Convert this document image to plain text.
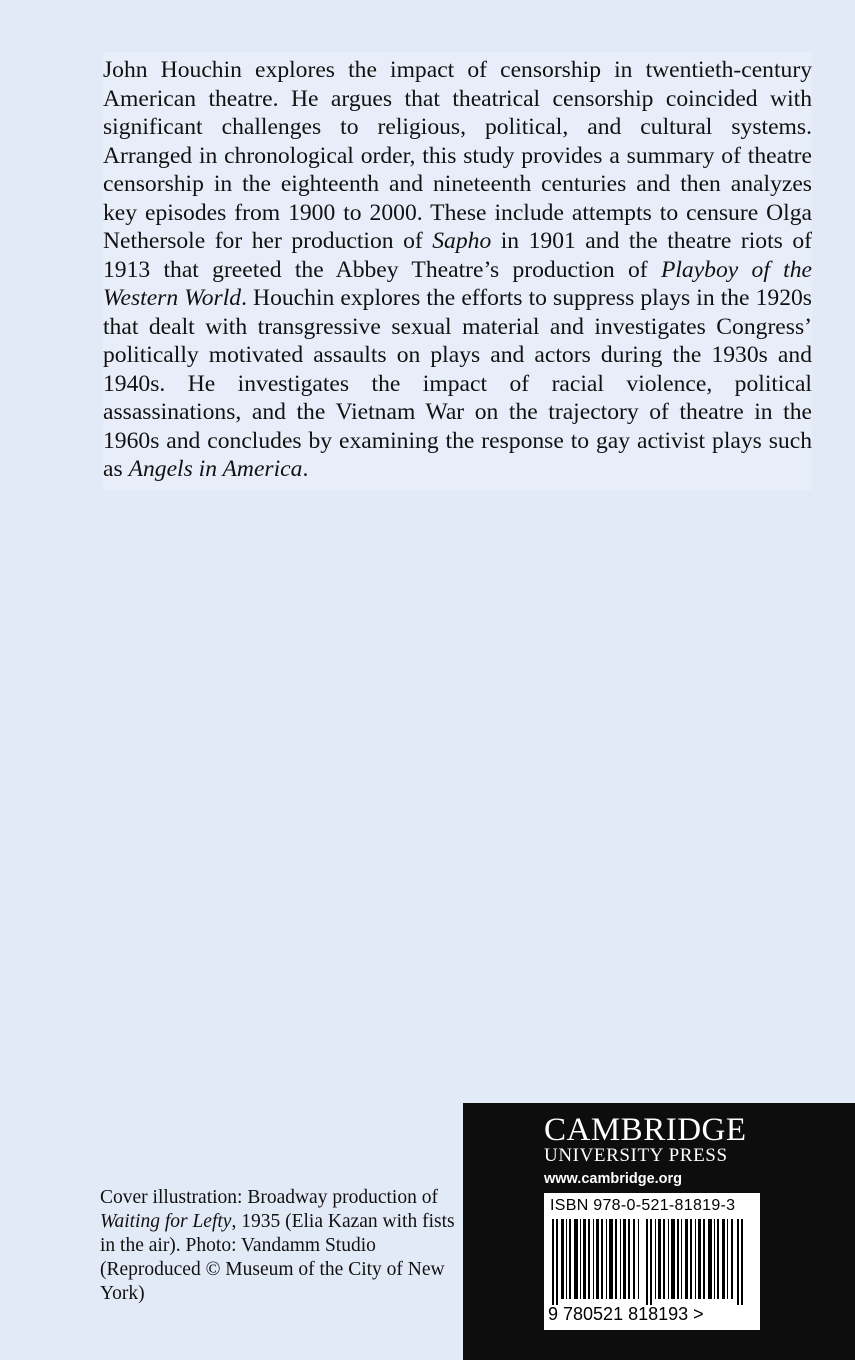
John Houchin explores the impact of censorship in twentieth-century American theatre. He argues that theatrical censorship coincided with significant challenges to religious, political, and cultural systems. Arranged in chronological order, this study provides a summary of theatre censorship in the eighteenth and nineteenth centuries and then analyzes key episodes from 1900 to 2000. These include attempts to censure Olga Nethersole for her production of Sapho in 1901 and the theatre riots of 1913 that greeted the Abbey Theatre’s production of Playboy of the Western World. Houchin explores the efforts to suppress plays in the 1920s that dealt with transgressive sexual material and investigates Congress’ politically motivated assaults on plays and actors during the 1930s and 1940s. He investigates the impact of racial violence, political assassinations, and the Vietnam War on the trajectory of theatre in the 1960s and concludes by examining the response to gay activist plays such as Angels in America.
Cover illustration: Broadway production of Waiting for Lefty, 1935 (Elia Kazan with fists in the air). Photo: Vandamm Studio (Reproduced © Museum of the City of New York)
CAMBRIDGE
UNIVERSITY PRESS
www.cambridge.org
ISBN 978-0-521-81819-3
9 780521 818193 >
